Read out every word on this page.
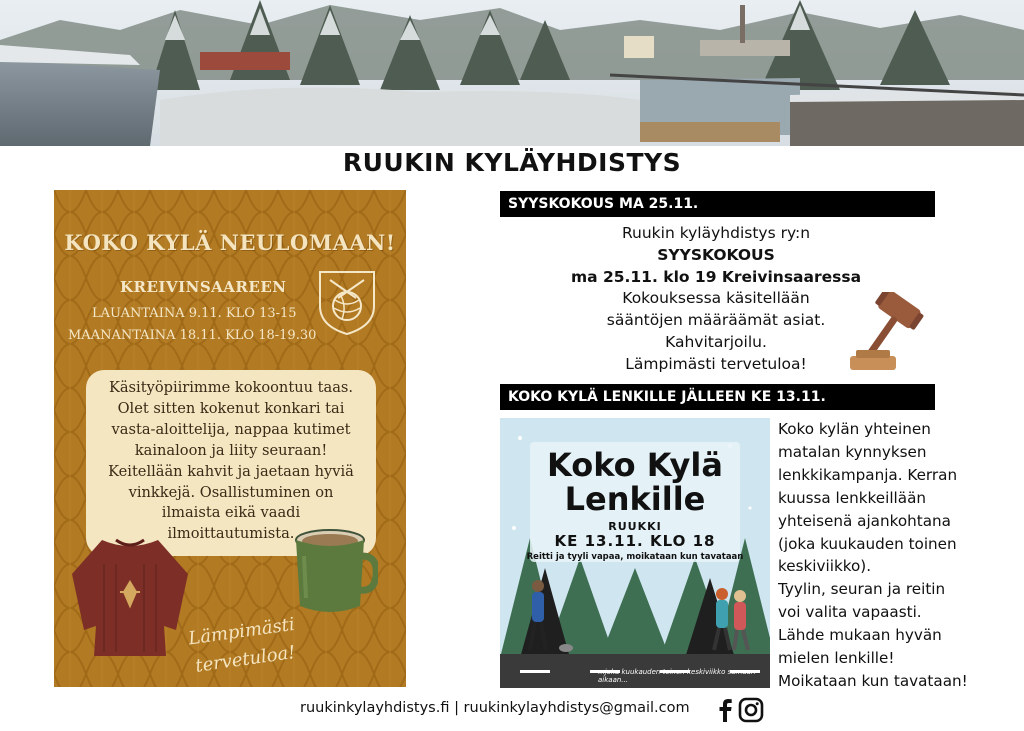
RUUKIN KYLÄYHDISTYS
KOKO KYLÄ NEULOMAAN!
KREIVINSAAREEN
LAUANTAINA 9.11. KLO 13-15
MAANANTAINA 18.11. KLO 18-19.30
Käsityöpiirimme kokoontuu taas.
Olet sitten kokenut konkari tai
vasta-aloittelija, nappaa kutimet
kainaloon ja liity seuraan!
Keitellään kahvit ja jaetaan hyviä
vinkkejä. Osallistuminen on
ilmaista eikä vaadi
ilmoittautumista.
Lämpimästi
tervetuloa!
SYYSKOKOUS MA 25.11.
Ruukin kyläyhdistys ry:n
SYYSKOKOUS
ma 25.11. klo 19 Kreivinsaaressa
Kokouksessa käsitellään
sääntöjen määräämät asiat.
Kahvitarjoilu.
Lämpimästi tervetuloa!
KOKO KYLÄ LENKILLE JÄLLEEN KE 13.11.
Koko Kylä
Lenkille
RUUKKI
KE 13.11. KLO 18
Reitti ja tyyli vapaa, moikataan kun tavataan
...joka kuukauden toinen keskiviikko samaan aikaan...
Koko kylän yhteinen
matalan kynnyksen
lenkkikampanja. Kerran
kuussa lenkkeillään
yhteisenä ajankohtana
(joka kuukauden toinen
keskiviikko).
Tyylin, seuran ja reitin
voi valita vapaasti.
Lähde mukaan hyvän
mielen lenkille!
Moikataan kun tavataan!
ruukinkylayhdistys.fi | ruukinkylayhdistys@gmail.com
